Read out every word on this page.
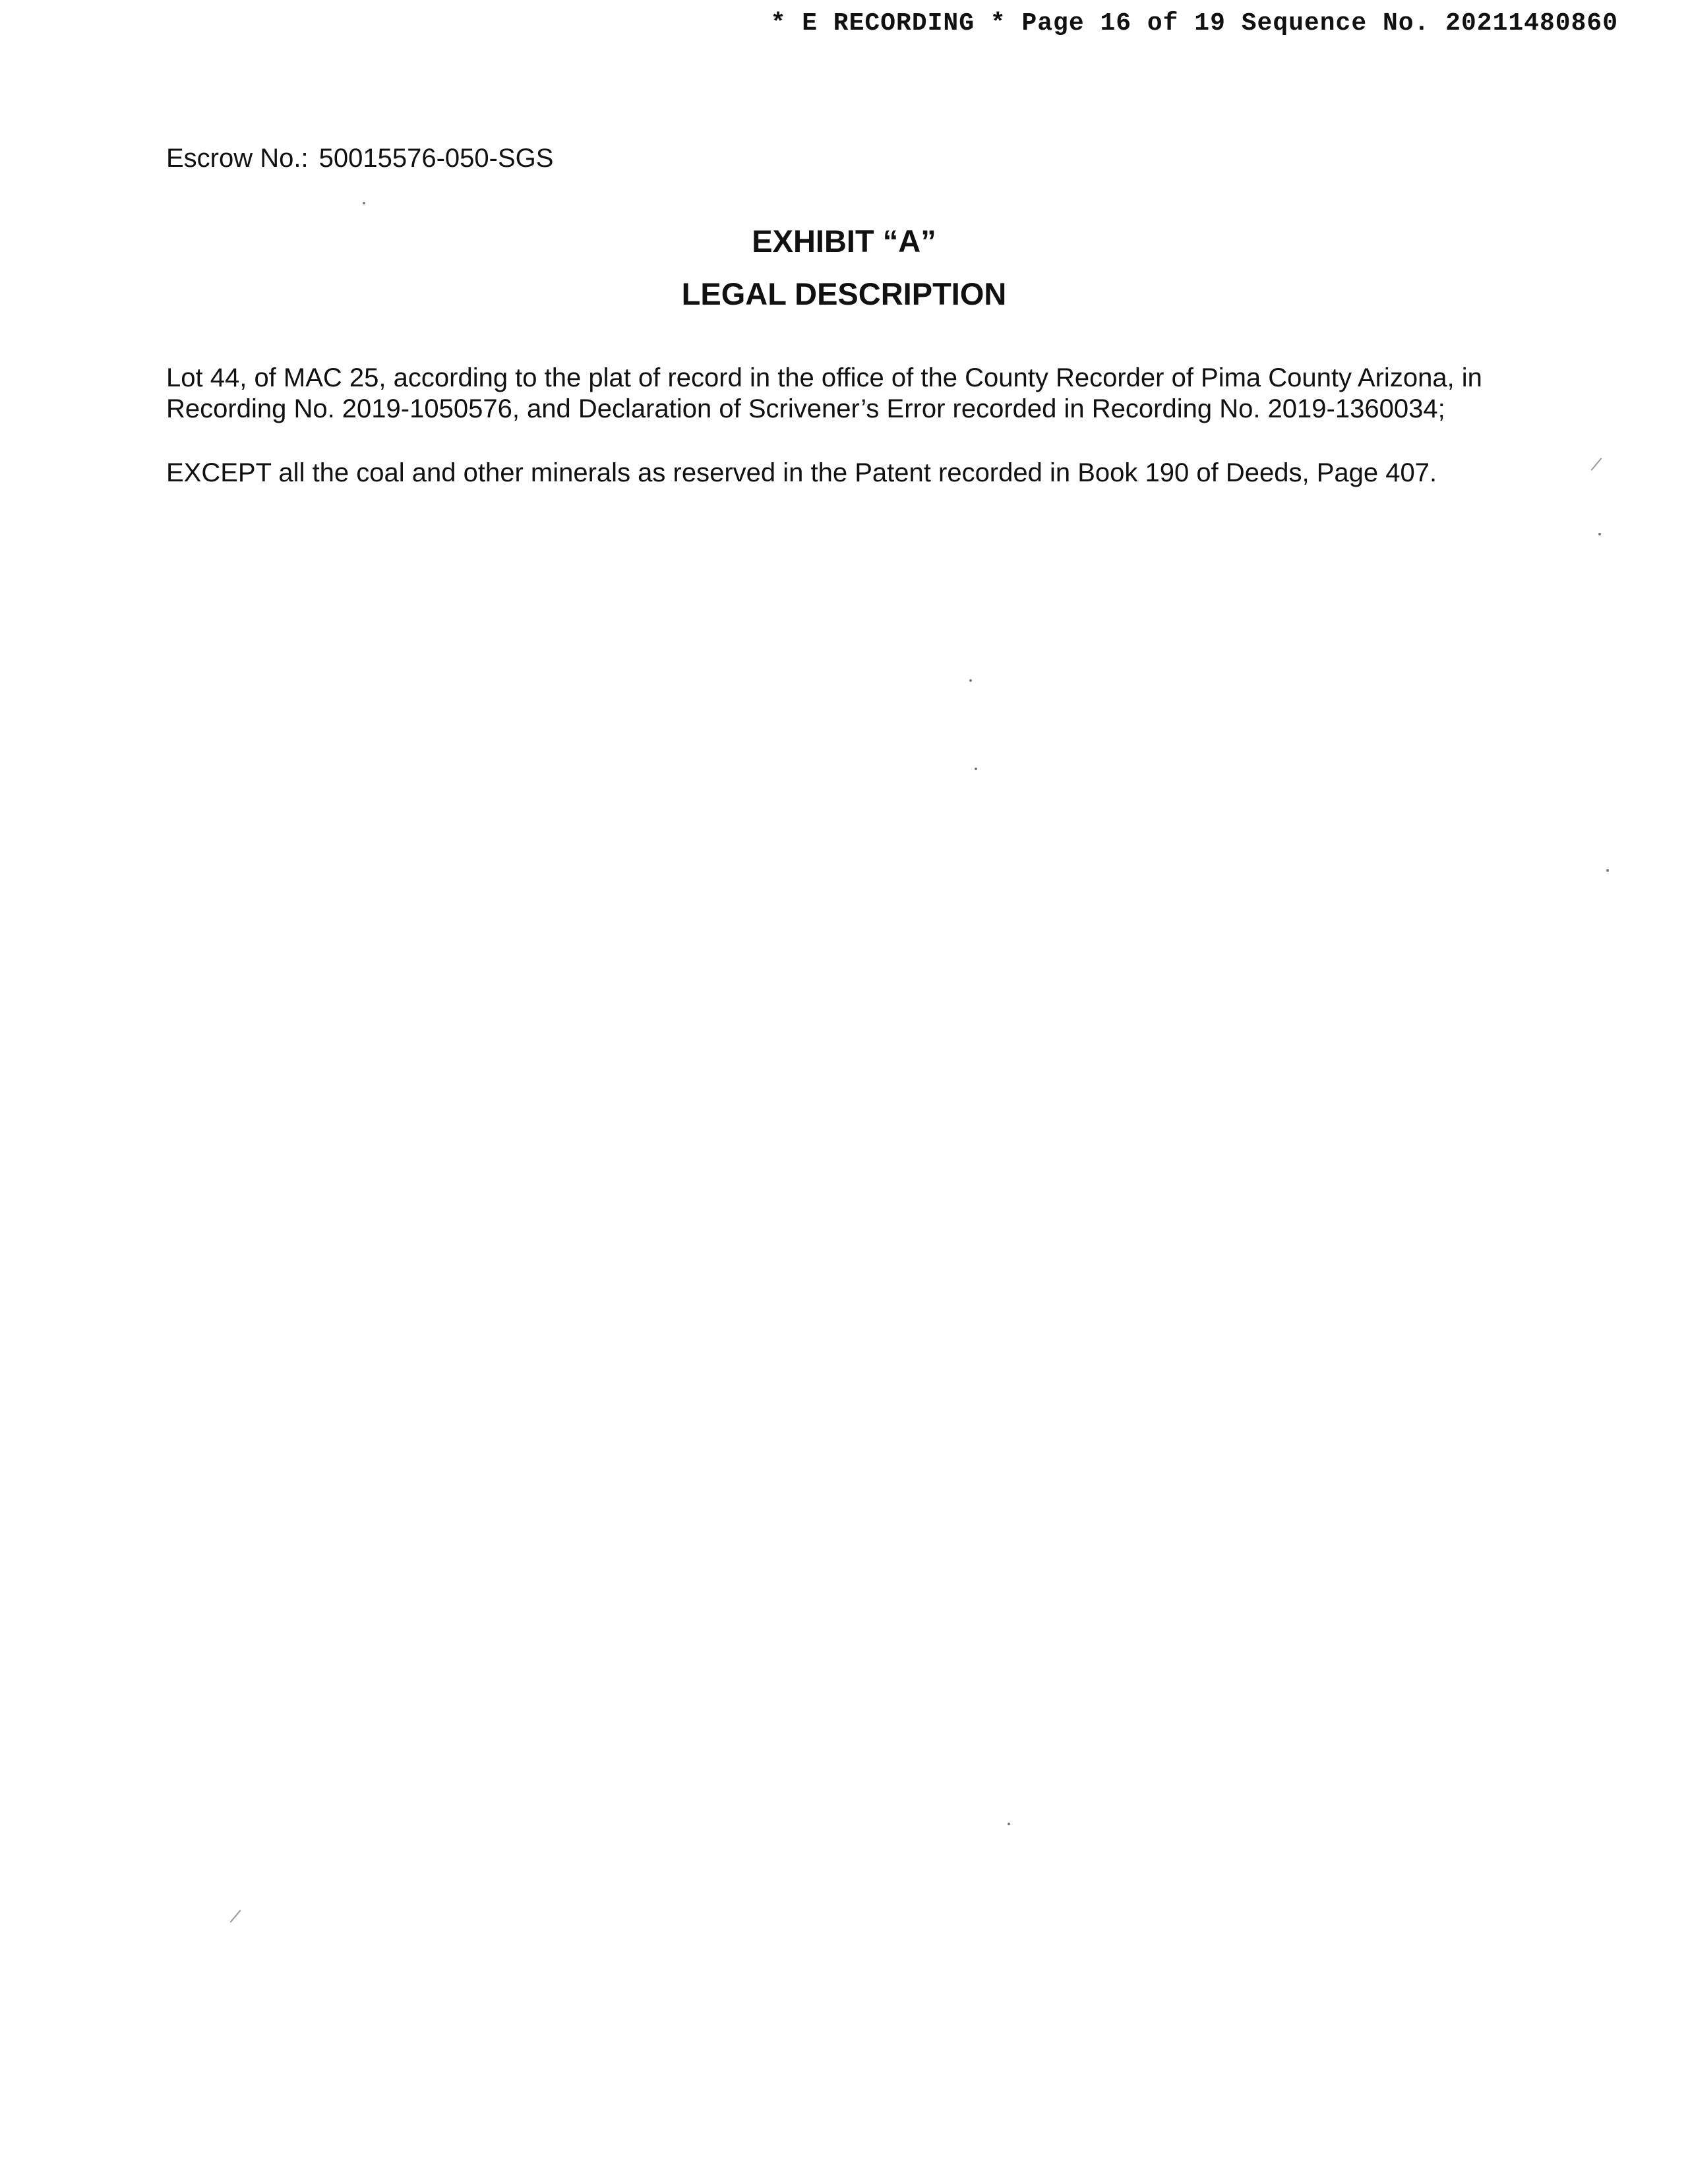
* E RECORDING * Page 16 of 19 Sequence No. 20211480860
Escrow No.: 50015576-050-SGS
EXHIBIT “A”
LEGAL DESCRIPTION
Lot 44, of MAC 25, according to the plat of record in the office of the County Recorder of Pima County Arizona, in Recording No. 2019-1050576, and Declaration of Scrivener’s Error recorded in Recording No. 2019-1360034;
EXCEPT all the coal and other minerals as reserved in the Patent recorded in Book 190 of Deeds, Page 407.
